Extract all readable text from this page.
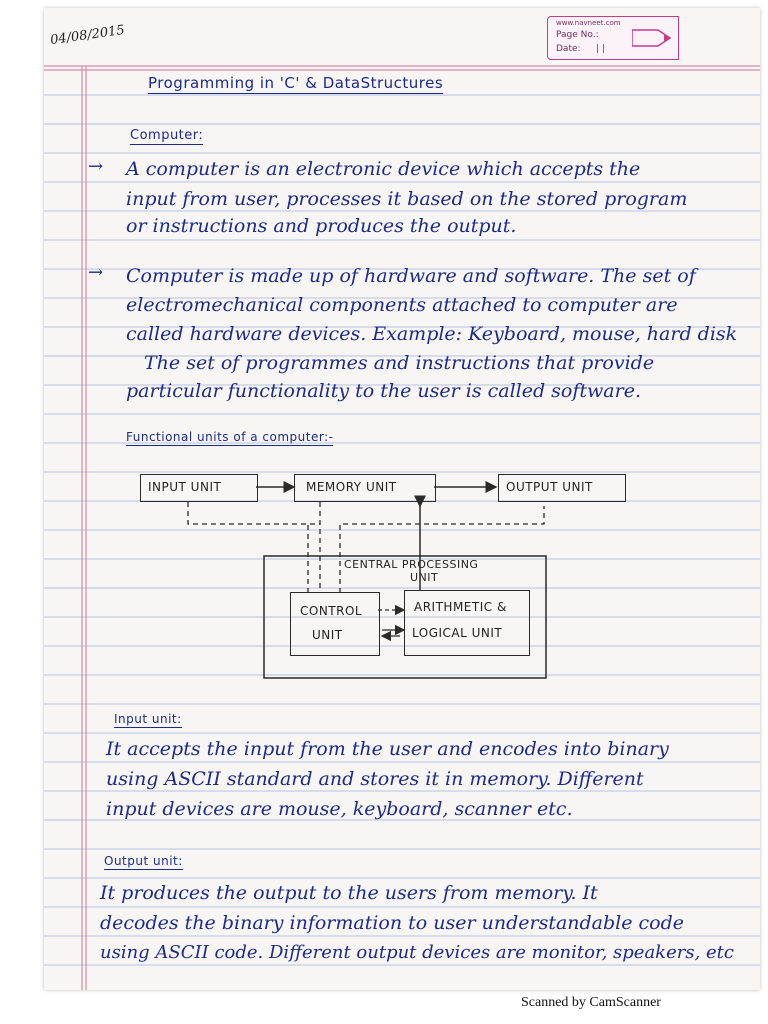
04/08/2015	www.navneet.com
Page No.:
Date: | |
Programming in 'C' & DataStructures
Computer:
→ A computer is an electronic device which accepts the
input from user, processes it based on the stored program
or instructions and produces the output.
→ Computer is made up of hardware and software. The set of
electromechanical components attached to computer are
called hardware devices. Example: Keyboard, mouse, hard disk
The set of programmes and instructions that provide
particular functionality to the user is called software.
Functional units of a computer:-
INPUT UNIT	MEMORY UNIT	OUTPUT UNIT
CENTRAL PROCESSING
UNIT
CONTROL
UNIT
ARITHMETIC &
LOGICAL UNIT
Input unit:
It accepts the input from the user and encodes into binary
using ASCII standard and stores it in memory. Different
input devices are mouse, keyboard, scanner etc.
Output unit:
It produces the output to the users from memory. It
decodes the binary information to user understandable code
using ASCII code. Different output devices are monitor, speakers, etc
Scanned by CamScanner
